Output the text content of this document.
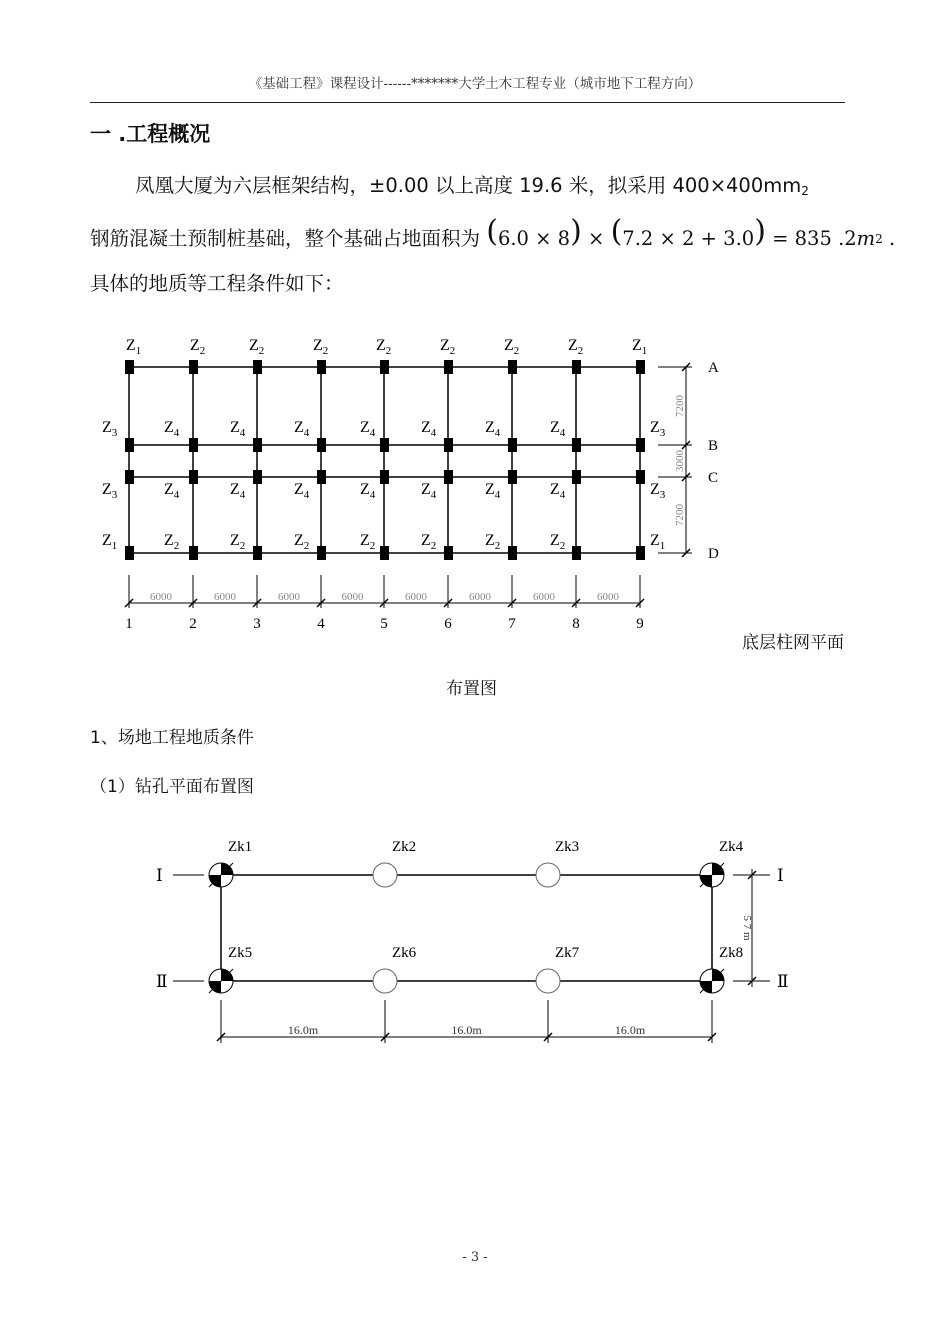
《基础工程》课程设计------*******大学土木工程专业（城市地下工程方向）
一 .工程概况
凤凰大厦为六层框架结构，±0.00 以上高度 19.6 米，拟采用 $400\times 400mm_2$
钢筋混凝土预制桩基础，整个基础占地面积为 (6.0 × 8) × (7.2 × 2 + 3.0) = 835 .2m2 .
具体的地质等工程条件如下：
$Z_1$	$Z_2$	$Z_2$	$Z_2$	$Z_2$	$Z_2$	$Z_2$	$Z_2$	$Z_1$
$Z_3$	$Z_4$	$Z_4$	$Z_4$	$Z_4$	$Z_4$	$Z_4$	$Z_4$	$Z_3$
$Z_3$	$Z_4$	$Z_4$	$Z_4$	$Z_4$	$Z_4$	$Z_4$	$Z_4$	$Z_3$
$Z_1$	$Z_2$	$Z_2$	$Z_2$	$Z_2$	$Z_2$	$Z_2$	$Z_2$	$Z_1$
A
B
C
D
7200
3000
7200
1	2	3	4	5	6	7	8	9
6000	6000	6000	6000	6000	6000	6000	6000
底层柱网平面
布置图
1、场地工程地质条件
（1）钻孔平面布置图
Zk1	Zk2	Zk3	Zk4
Zk5	Zk6	Zk7	Zk8
Ⅰ	Ⅰ
Ⅱ	Ⅱ
5 7 m
16.0m	16.0m	16.0m
- 3 -
